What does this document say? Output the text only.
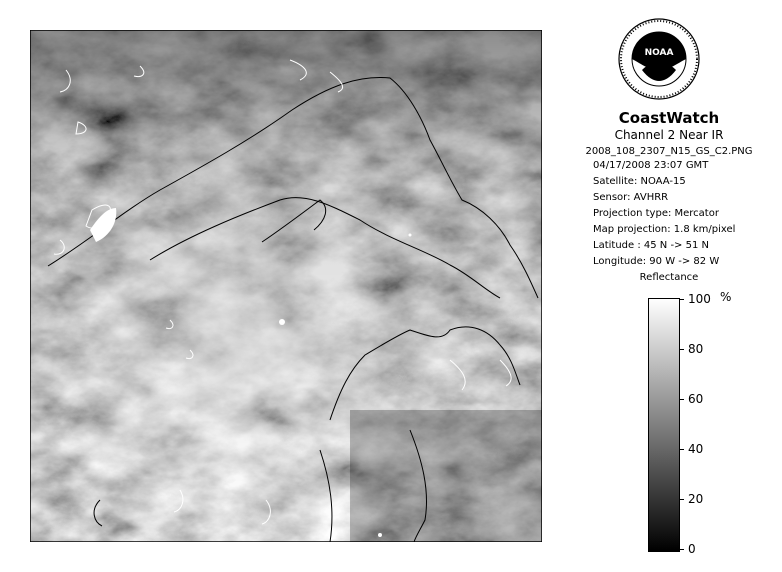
NOAA
CoastWatch
Channel 2 Near IR
2008_108_2307_N15_GS_C2.PNG
04/17/2008 23:07 GMT
Satellite: NOAA-15
Sensor: AVHRR
Projection type: Mercator
Map projection: 1.8 km/pixel
Latitude : 45 N -> 51 N
Longitude: 90 W -> 82 W
Reflectance
%
100
80
60
40
20
0
